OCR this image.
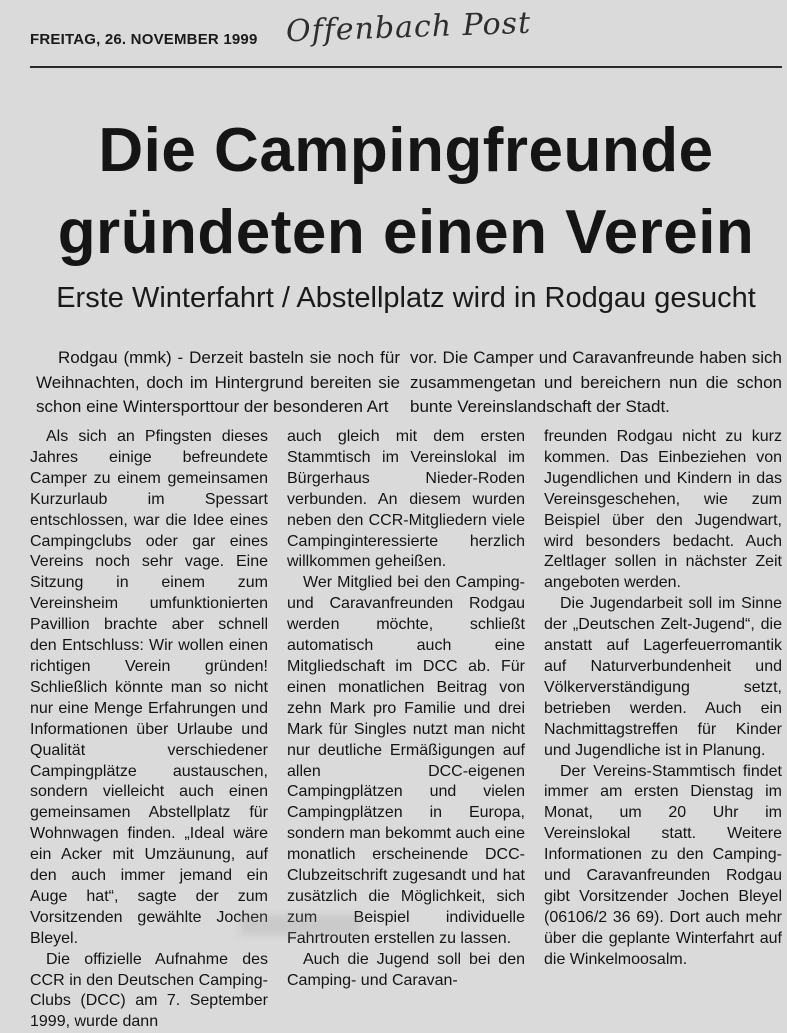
FREITAG, 26. NOVEMBER 1999 Offenbach Post
Die Campingfreunde
gründeten einen Verein
Erste Winterfahrt / Abstellplatz wird in Rodgau gesucht

Rodgau (mmk) - Derzeit basteln sie noch für Weihnachten, doch im Hintergrund bereiten sie schon eine Wintersporttour der besonderen Art

vor. Die Camper und Caravanfreunde haben sich zusammengetan und bereichern nun die schon bunte Vereinslandschaft der Stadt.

Als sich an Pfingsten dieses Jahres einige befreundete Camper zu einem gemeinsamen Kurzurlaub im Spessart entschlossen, war die Idee eines Campingclubs oder gar eines Vereins noch sehr vage. Eine Sitzung in einem zum Vereinsheim umfunktionierten Pavillion brachte aber schnell den Entschluss: Wir wollen einen richtigen Verein gründen! Schließlich könnte man so nicht nur eine Menge Erfahrungen und Informationen über Urlaube und Qualität verschiedener Campingplätze austauschen, sondern vielleicht auch einen gemeinsamen Abstellplatz für Wohnwagen finden. „Ideal wäre ein Acker mit Umzäunung, auf den auch immer jemand ein Auge hat“, sagte der zum Vorsitzenden gewählte Jochen Bleyel.

Die offizielle Aufnahme des CCR in den Deutschen Camping-Clubs (DCC) am 7. September 1999, wurde dann

auch gleich mit dem ersten Stammtisch im Vereinslokal im Bürgerhaus Nieder-Roden verbunden. An diesem wurden neben den CCR-Mitgliedern viele Campinginteressierte herzlich willkommen geheißen.

Wer Mitglied bei den Camping- und Caravanfreunden Rodgau werden möchte, schließt automatisch auch eine Mitgliedschaft im DCC ab. Für einen monatlichen Beitrag von zehn Mark pro Familie und drei Mark für Singles nutzt man nicht nur deutliche Ermäßigungen auf allen DCC-eigenen Campingplätzen und vielen Campingplätzen in Europa, sondern man bekommt auch eine monatlich erscheinende DCC-Clubzeitschrift zugesandt und hat zusätzlich die Möglichkeit, sich zum Beispiel individuelle Fahrtrouten erstellen zu lassen.

Auch die Jugend soll bei den Camping- und Caravan-

freunden Rodgau nicht zu kurz kommen. Das Einbeziehen von Jugendlichen und Kindern in das Vereinsgeschehen, wie zum Beispiel über den Jugendwart, wird besonders bedacht. Auch Zeltlager sollen in nächster Zeit angeboten werden.

Die Jugendarbeit soll im Sinne der „Deutschen Zelt-Jugend“, die anstatt auf Lagerfeuerromantik auf Naturverbundenheit und Völkerverständigung setzt, betrieben werden. Auch ein Nachmittagstreffen für Kinder und Jugendliche ist in Planung.

Der Vereins-Stammtisch findet immer am ersten Dienstag im Monat, um 20 Uhr im Vereinslokal statt. Weitere Informationen zu den Camping- und Caravanfreunden Rodgau gibt Vorsitzender Jochen Bleyel (06106/2 36 69). Dort auch mehr über die geplante Winterfahrt auf die Winkelmoosalm.
